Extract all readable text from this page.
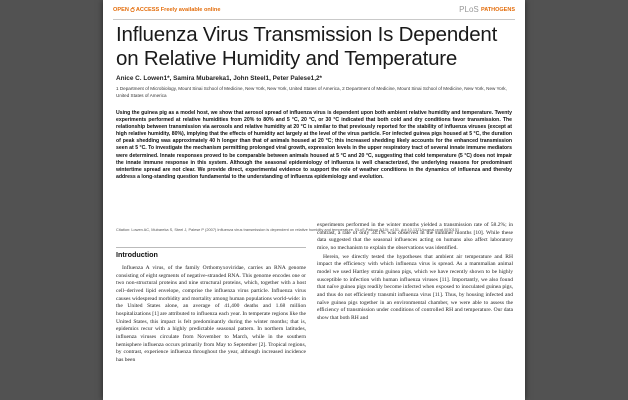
OPEN ACCESS Freely available online	PLoS PATHOGENS
Influenza Virus Transmission Is Dependent on Relative Humidity and Temperature

Anice C. Lowen1*, Samira Mubareka1, John Steel1, Peter Palese1,2*

1 Department of Microbiology, Mount Sinai School of Medicine, New York, New York, United States of America, 2 Department of Medicine, Mount Sinai School of Medicine, New York, New York, United States of America

Using the guinea pig as a model host, we show that aerosol spread of influenza virus is dependent upon both ambient relative humidity and temperature. Twenty experiments performed at relative humidities from 20% to 80% and 5 °C, 20 °C, or 30 °C indicated that both cold and dry conditions favor transmission. The relationship between transmission via aerosols and relative humidity at 20 °C is similar to that previously reported for the stability of influenza viruses (except at high relative humidity, 80%), implying that the effects of humidity act largely at the level of the virus particle. For infected guinea pigs housed at 5 °C, the duration of peak shedding was approximately 40 h longer than that of animals housed at 20 °C; this increased shedding likely accounts for the enhanced transmission seen at 5 °C. To investigate the mechanism permitting prolonged viral growth, expression levels in the upper respiratory tract of several innate immune mediators were determined. Innate responses proved to be comparable between animals housed at 5 °C and 20 °C, suggesting that cold temperature (5 °C) does not impair the innate immune response in this system. Although the seasonal epidemiology of influenza is well characterized, the underlying reasons for predominant wintertime spread are not clear. We provide direct, experimental evidence to support the role of weather conditions in the dynamics of influenza and thereby address a long-standing question fundamental to the understanding of influenza epidemiology and evolution.

Citation: Lowen AC, Mubareka S, Steel J, Palese P (2007) Influenza virus transmission is dependent on relative humidity and temperature. PLoS Pathog 3(10): e151. doi:10.1371/journal.ppat.0030151

Introduction

Influenza A virus, of the family Orthomyxoviridae, carries an RNA genome consisting of eight segments of negative-stranded RNA. This genome encodes one or two non-structural proteins and nine structural proteins, which, together with a host cell–derived lipid envelope, comprise the influenza virus particle. Influenza virus causes widespread morbidity and mortality among human populations world-wide: in the United States alone, an average of 41,400 deaths and 1.68 million hospitalizations [1] are attributed to influenza each year. In temperate regions like the United States, this impact is felt predominantly during the winter months; that is, epidemics recur with a highly predictable seasonal pattern. In northern latitudes, influenza viruses circulate from November to March, while in the southern hemisphere influenza occurs primarily from May to September [2]. Tropical regions, by contrast, experience influenza throughout the year, although increased incidence has been

experiments performed in the winter months yielded a transmission rate of 58.2%; in contrast, a rate of only 34.1% was observed in the summer months [10]. While these data suggested that the seasonal influences acting on humans also affect laboratory mice, no mechanism to explain the observations was identified.

Herein, we directly tested the hypotheses that ambient air temperature and RH impact the efficiency with which influenza virus is spread. As a mammalian animal model we used Hartley strain guinea pigs, which we have recently shown to be highly susceptible to infection with human influenza viruses [11]. Importantly, we also found that naïve guinea pigs readily become infected when exposed to inoculated guinea pigs, and thus do not efficiently transmit influenza virus [11]. Thus, by housing infected and naïve guinea pigs together in an environmental chamber, we were able to assess the efficiency of transmission under conditions of controlled RH and temperature. Our data show that both RH and
